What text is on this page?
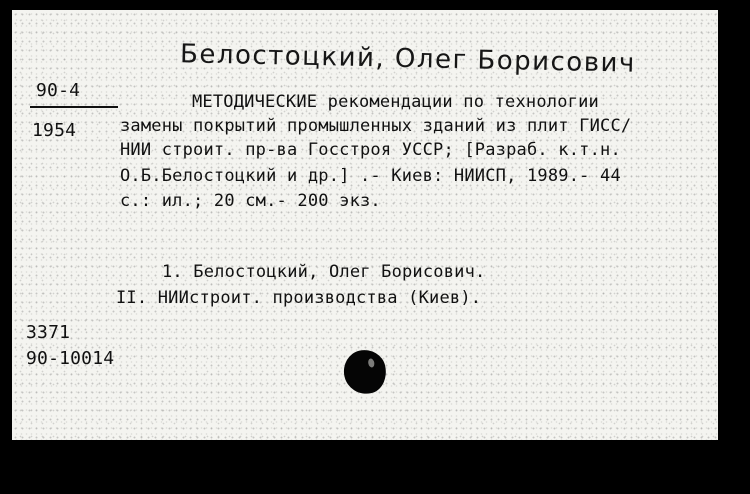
Белостоцкий, Олег Борисович
90-4
1954
МЕТОДИЧЕСКИЕ рекомендации по технологии
замены покрытий промышленных зданий из плит ГИСС/
НИИ строит. пр-ва Госстроя УССР; [Разраб. к.т.н.
О.Б.Белостоцкий и др.] .- Киев: НИИСП, 1989.- 44
с.: ил.; 20 см.- 200 экз.
1. Белостоцкий, Олег Борисович.
II. НИИстроит. производства (Киев).
3371
90-10014
